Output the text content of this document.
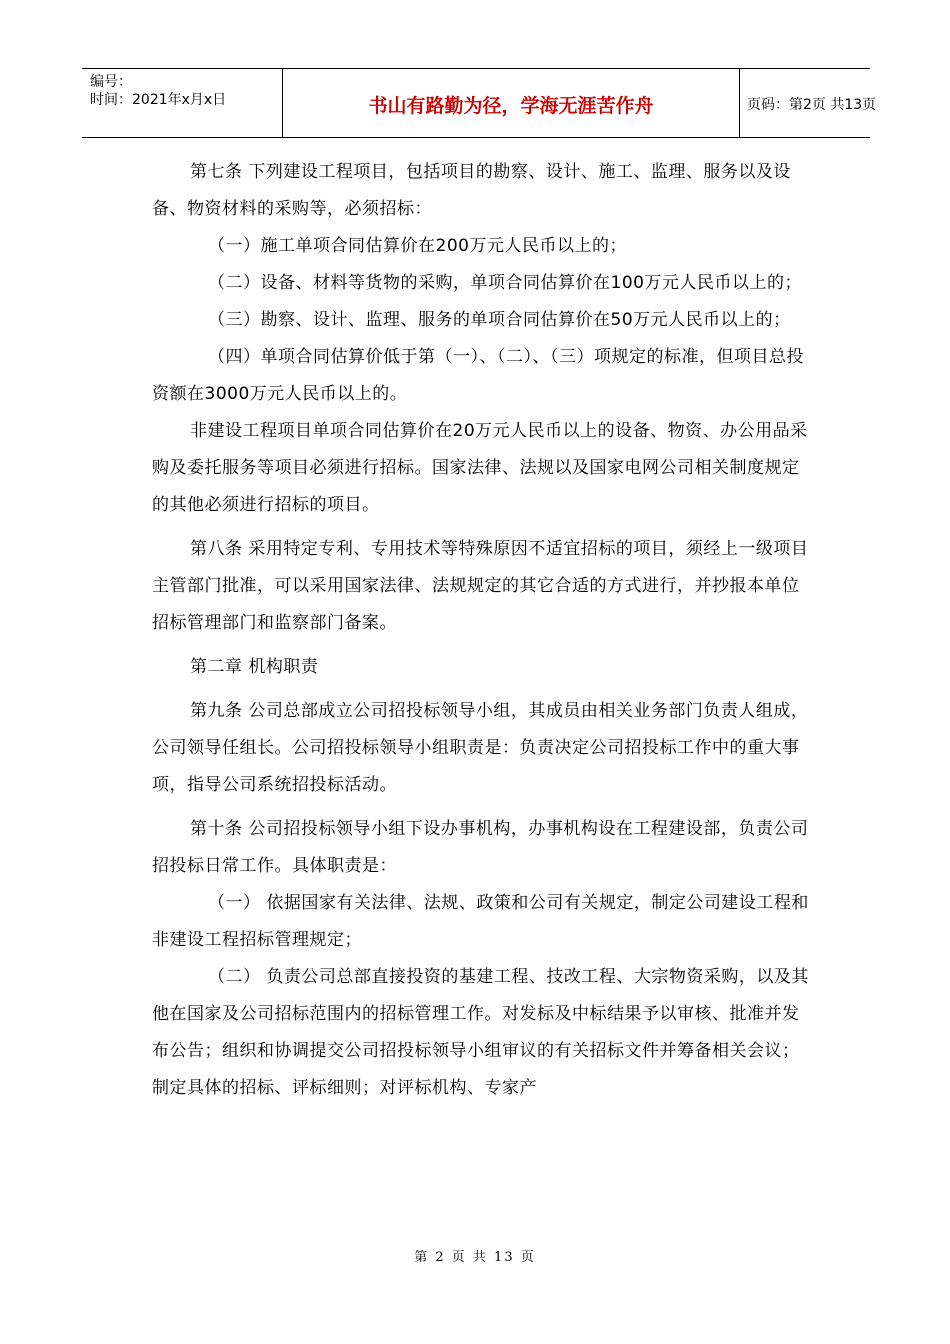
编号：
时间：2021年x月x日	书山有路勤为径，学海无涯苦作舟	页码：第2页 共13页

第七条 下列建设工程项目，包括项目的勘察、设计、施工、监理、服务以及设备、物资材料的采购等，必须招标：

（一）施工单项合同估算价在200万元人民币以上的；

（二）设备、材料等货物的采购，单项合同估算价在100万元人民币以上的；

（三）勘察、设计、监理、服务的单项合同估算价在50万元人民币以上的；

（四）单项合同估算价低于第（一）、（二）、（三）项规定的标准，但项目总投资额在3000万元人民币以上的。

非建设工程项目单项合同估算价在20万元人民币以上的设备、物资、办公用品采购及委托服务等项目必须进行招标。国家法律、法规以及国家电网公司相关制度规定的其他必须进行招标的项目。

第八条 采用特定专利、专用技术等特殊原因不适宜招标的项目，须经上一级项目主管部门批准，可以采用国家法律、法规规定的其它合适的方式进行，并抄报本单位招标管理部门和监察部门备案。

第二章 机构职责

第九条 公司总部成立公司招投标领导小组，其成员由相关业务部门负责人组成，公司领导任组长。公司招投标领导小组职责是：负责决定公司招投标工作中的重大事项，指导公司系统招投标活动。

第十条 公司招投标领导小组下设办事机构，办事机构设在工程建设部，负责公司招投标日常工作。具体职责是：

（一） 依据国家有关法律、法规、政策和公司有关规定，制定公司建设工程和非建设工程招标管理规定；

（二） 负责公司总部直接投资的基建工程、技改工程、大宗物资采购，以及其他在国家及公司招标范围内的招标管理工作。对发标及中标结果予以审核、批准并发布公告；组织和协调提交公司招投标领导小组审议的有关招标文件并筹备相关会议；制定具体的招标、评标细则；对评标机构、专家产

第 2 页 共 13 页
